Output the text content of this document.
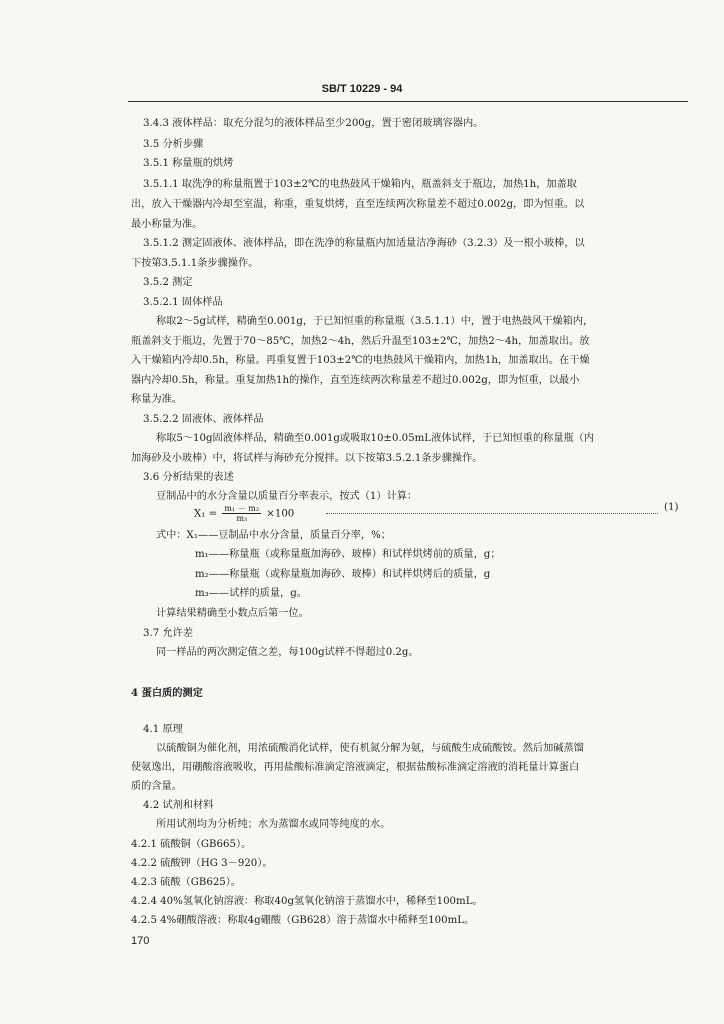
SB/T 10229 - 94
3.4.3 液体样品：取充分混匀的液体样品至少200g，置于密闭玻璃容器内。
3.5 分析步骤
3.5.1 称量瓶的烘烤
3.5.1.1 取洗净的称量瓶置于103±2℃的电热鼓风干燥箱内，瓶盖斜支于瓶边，加热1h，加盖取
出，放入干燥器内冷却至室温，称重，重复烘烤，直至连续两次称量差不超过0.002g，即为恒重。以
最小称量为准。
3.5.1.2 测定固液体、液体样品，即在洗净的称量瓶内加适量洁净海砂（3.2.3）及一根小玻棒，以
下按第3.5.1.1条步骤操作。
3.5.2 测定
3.5.2.1 固体样品
称取2～5g试样，精确至0.001g，于已知恒重的称量瓶（3.5.1.1）中，置于电热鼓风干燥箱内，
瓶盖斜支于瓶边，先置于70～85℃，加热2～4h，然后升温至103±2℃，加热2～4h，加盖取出。放
入干燥箱内冷却0.5h，称量。再重复置于103±2℃的电热鼓风干燥箱内，加热1h，加盖取出。在干燥
器内冷却0.5h，称量。重复加热1h的操作，直至连续两次称量差不超过0.002g，即为恒重，以最小
称量为准。
3.5.2.2 固液体、液体样品
称取5～10g固液体样品，精确至0.001g或吸取10±0.05mL液体试样，于已知恒重的称量瓶（内
加海砂及小玻棒）中，将试样与海砂充分搅拌。以下按第3.5.2.1条步骤操作。
3.6 分析结果的表述
豆制品中的水分含量以质量百分率表示，按式（1）计算：
$X_1 = \frac{\text{m₁ － m₂}}{\text{m₃}} \times 100$
(1)
式中：X₁——豆制品中水分含量，质量百分率，%；
m₁——称量瓶（或称量瓶加海砂、玻棒）和试样烘烤前的质量，g；
m₂——称量瓶（或称量瓶加海砂、玻棒）和试样烘烤后的质量，g
m₃——试样的质量，g。
计算结果精确至小数点后第一位。
3.7 允许差
同一样品的两次测定值之差，每100g试样不得超过0.2g。
4 蛋白质的测定
4.1 原理
以硫酸铜为催化剂，用浓硫酸消化试样，使有机氮分解为氨，与硫酸生成硫酸铵。然后加碱蒸馏
使氨逸出，用硼酸溶液吸收，再用盐酸标准滴定溶液滴定，根据盐酸标准滴定溶液的消耗量计算蛋白
质的含量。
4.2 试剂和材料
所用试剂均为分析纯；水为蒸馏水或同等纯度的水。
4.2.1 硫酸铜（GB665）。
4.2.2 硫酸钾（HG 3－920）。
4.2.3 硫酸（GB625）。
4.2.4 40%氢氧化钠溶液：称取40g氢氧化钠溶于蒸馏水中，稀释至100mL。
4.2.5 4%硼酸溶液：称取4g硼酸（GB628）溶于蒸馏水中稀释至100mL。
170
